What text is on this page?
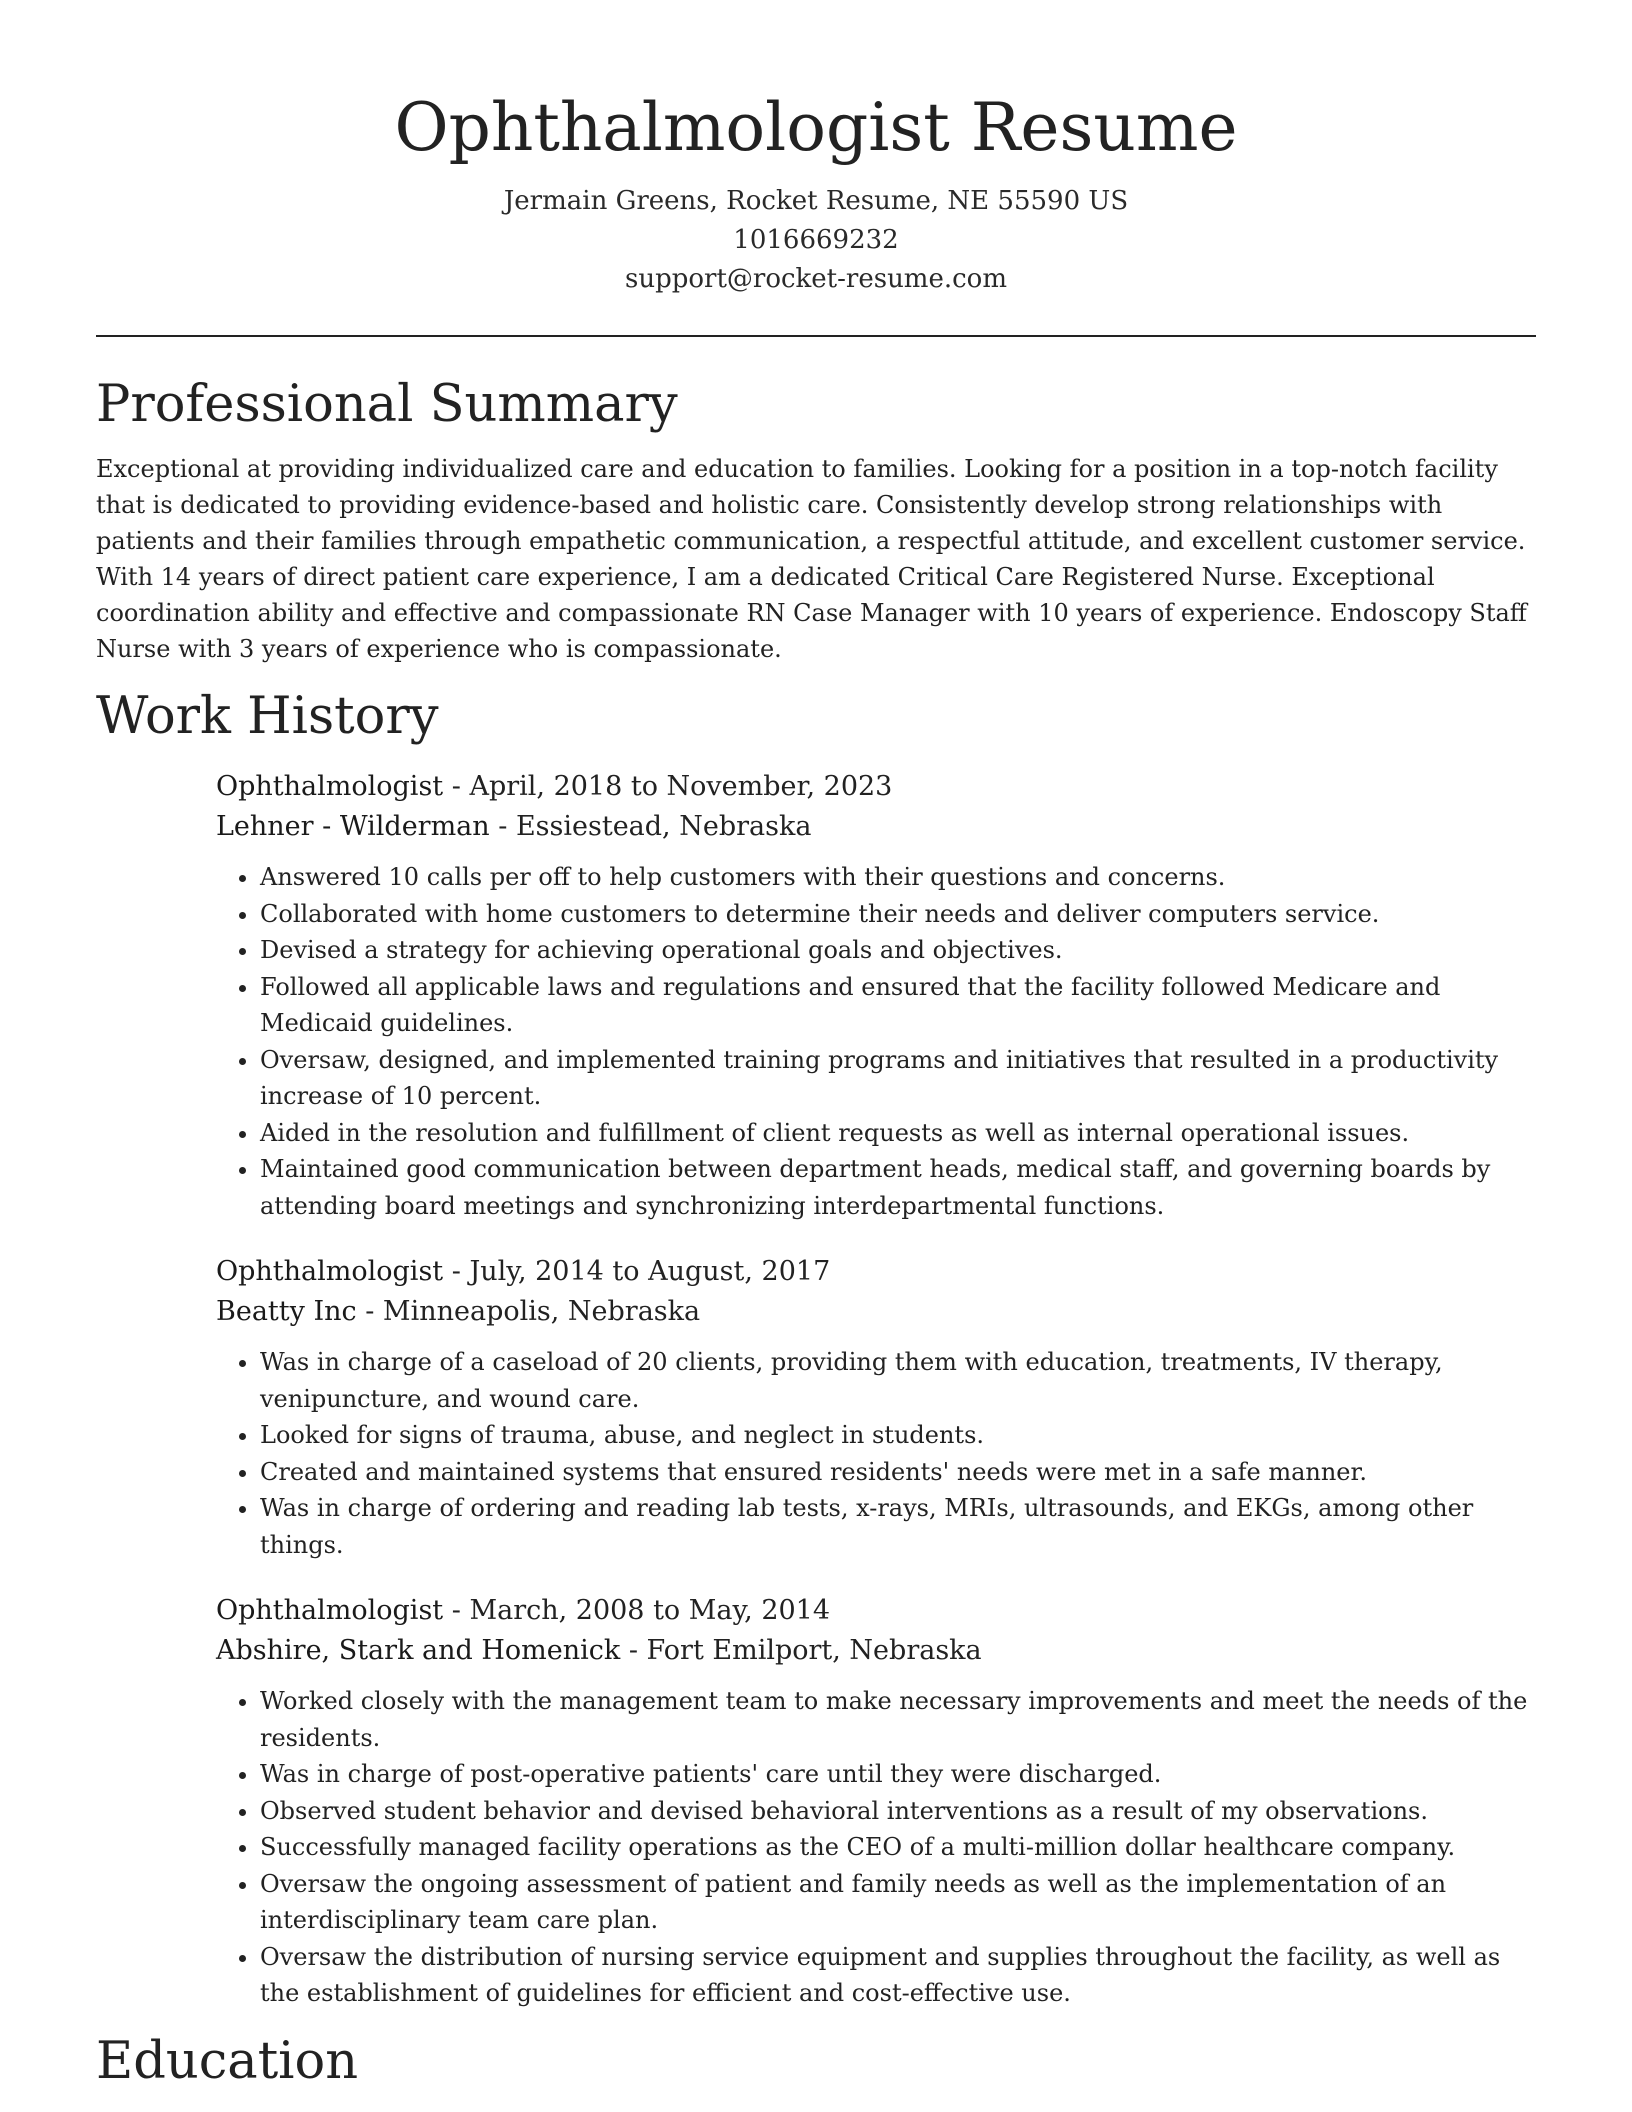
Ophthalmologist Resume
Jermain Greens, Rocket Resume, NE 55590 US
1016669232
support@rocket-resume.com
Professional Summary

Exceptional at providing individualized care and education to families. Looking for a position in a top-notch facility that is dedicated to providing evidence-based and holistic care. Consistently develop strong relationships with patients and their families through empathetic communication, a respectful attitude, and excellent customer service. With 14 years of direct patient care experience, I am a dedicated Critical Care Registered Nurse. Exceptional coordination ability and effective and compassionate RN Case Manager with 10 years of experience. Endoscopy Staff Nurse with 3 years of experience who is compassionate.

Work History
Ophthalmologist - April, 2018 to November, 2023
Lehner - Wilderman - Essiestead, Nebraska
• Answered 10 calls per off to help customers with their questions and concerns.
• Collaborated with home customers to determine their needs and deliver computers service.
• Devised a strategy for achieving operational goals and objectives.
• Followed all applicable laws and regulations and ensured that the facility followed Medicare and Medicaid guidelines.
• Oversaw, designed, and implemented training programs and initiatives that resulted in a productivity increase of 10 percent.
• Aided in the resolution and fulfillment of client requests as well as internal operational issues.
• Maintained good communication between department heads, medical staff, and governing boards by attending board meetings and synchronizing interdepartmental functions.
Ophthalmologist - July, 2014 to August, 2017
Beatty Inc - Minneapolis, Nebraska
• Was in charge of a caseload of 20 clients, providing them with education, treatments, IV therapy, venipuncture, and wound care.
• Looked for signs of trauma, abuse, and neglect in students.
• Created and maintained systems that ensured residents' needs were met in a safe manner.
• Was in charge of ordering and reading lab tests, x-rays, MRIs, ultrasounds, and EKGs, among other things.
Ophthalmologist - March, 2008 to May, 2014
Abshire, Stark and Homenick - Fort Emilport, Nebraska
• Worked closely with the management team to make necessary improvements and meet the needs of the residents.
• Was in charge of post-operative patients' care until they were discharged.
• Observed student behavior and devised behavioral interventions as a result of my observations.
• Successfully managed facility operations as the CEO of a multi-million dollar healthcare company.
• Oversaw the ongoing assessment of patient and family needs as well as the implementation of an interdisciplinary team care plan.
• Oversaw the distribution of nursing service equipment and supplies throughout the facility, as well as the establishment of guidelines for efficient and cost-effective use.
Education
